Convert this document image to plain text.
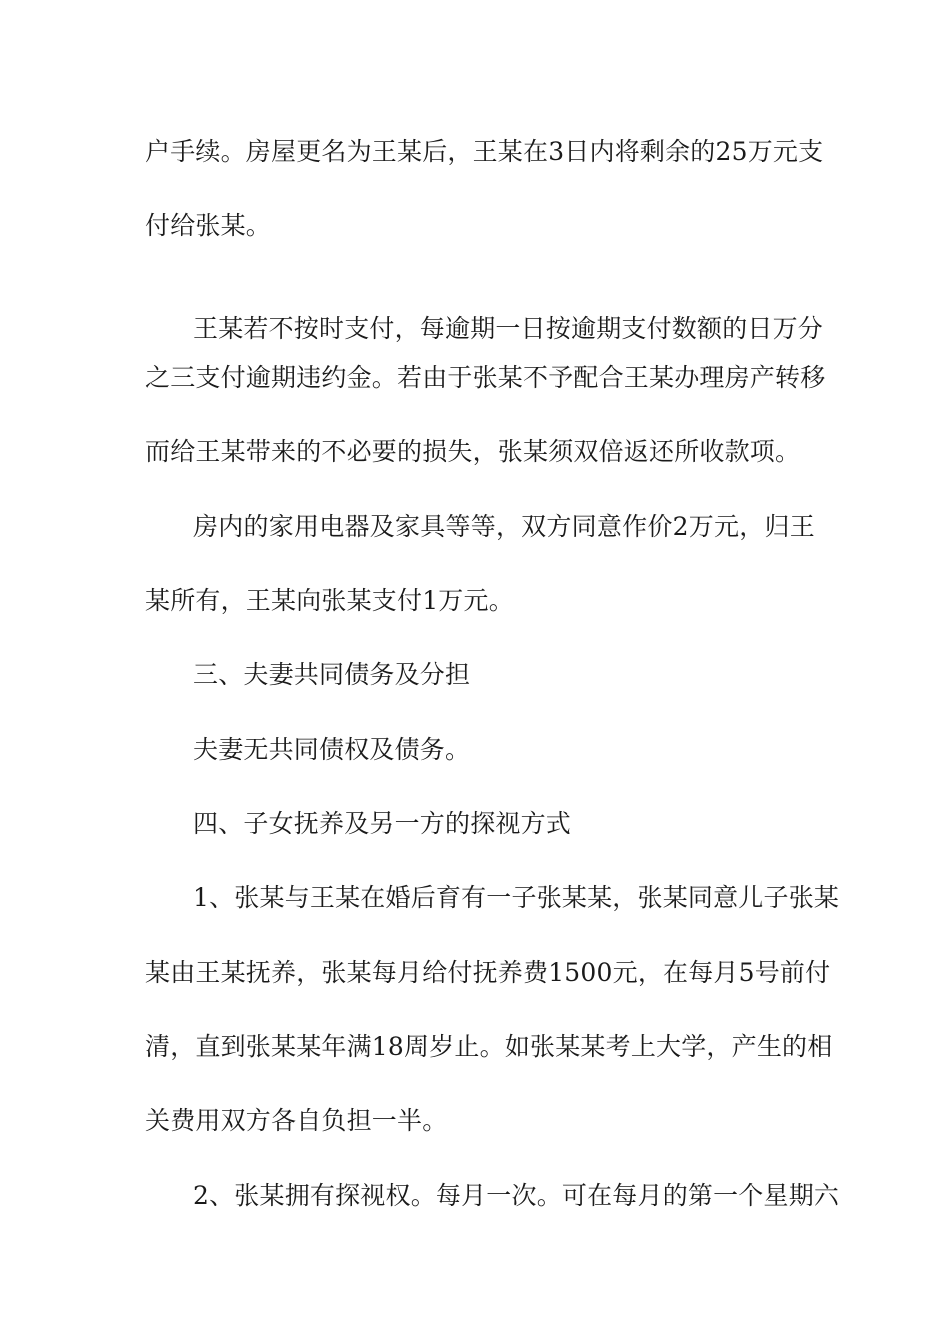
户手续。房屋更名为王某后，王某在3日内将剩余的25万元支
付给张某。
王某若不按时支付，每逾期一日按逾期支付数额的日万分
之三支付逾期违约金。若由于张某不予配合王某办理房产转移
而给王某带来的不必要的损失，张某须双倍返还所收款项。
房内的家用电器及家具等等，双方同意作价2万元，归王
某所有，王某向张某支付1万元。
三、夫妻共同债务及分担
夫妻无共同债权及债务。
四、子女抚养及另一方的探视方式
1、张某与王某在婚后育有一子张某某，张某同意儿子张某
某由王某抚养，张某每月给付抚养费1500元，在每月5号前付
清，直到张某某年满18周岁止。如张某某考上大学，产生的相
关费用双方各自负担一半。
2、张某拥有探视权。每月一次。可在每月的第一个星期六
